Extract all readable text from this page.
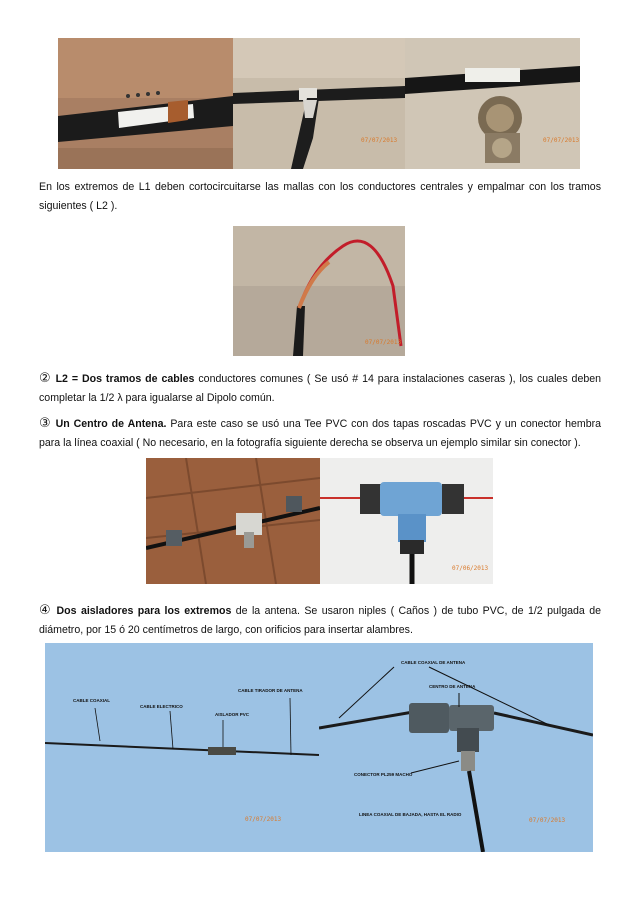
07/07/2013	07/07/2013
En los extremos de L1 deben cortocircuitarse las mallas con los conductores centrales y empalmar con los tramos siguientes ( L2 ).
07/07/2013
② L2 = Dos tramos de cables conductores comunes ( Se usó # 14 para instalaciones caseras ), los cuales deben completar la 1/2 λ para igualarse al Dipolo común.
③ Un Centro de Antena. Para este caso se usó una Tee PVC con dos tapas roscadas PVC y un conector hembra para la línea coaxial ( No necesario, en la fotografía siguiente derecha se observa un ejemplo similar sin conector ).
07/06/2013
④ Dos aisladores para los extremos de la antena. Se usaron niples ( Caños ) de tubo PVC, de 1/2 pulgada de diámetro, por 15 ó 20 centímetros de largo, con orificios para insertar alambres.
CABLE COAXIAL
CABLE ELECTRICO
CABLE TIRADOR DE ANTENA
AISLADOR PVC
07/07/2013
CABLE COAXIAL DE ANTENA
CENTRO DE ANTENA
CONECTOR PL259 MACHO
LINEA COAXIAL DE BAJADA, HASTA EL RADIO
07/07/2013
